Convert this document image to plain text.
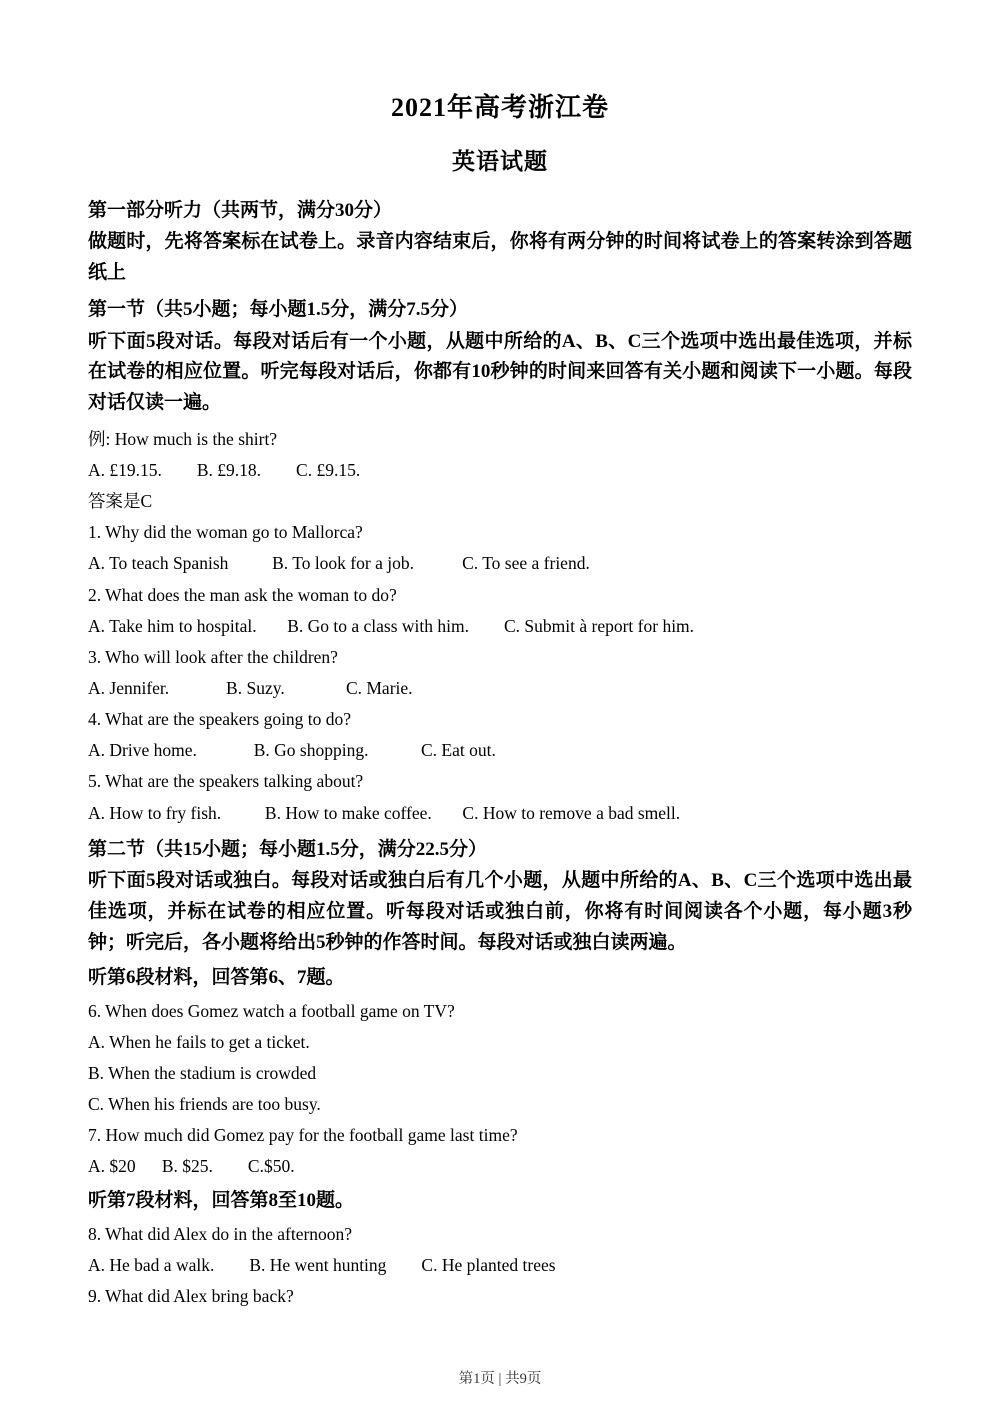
2021年高考浙江卷
英语试题

第一部分听力（共两节，满分30分）

做题时，先将答案标在试卷上。录音内容结束后，你将有两分钟的时间将试卷上的答案转涂到答题纸上

第一节（共5小题；每小题1.5分，满分7.5分）

听下面5段对话。每段对话后有一个小题，从题中所给的A、B、C三个选项中选出最佳选项，并标在试卷的相应位置。听完每段对话后，你都有10秒钟的时间来回答有关小题和阅读下一小题。每段对话仅读一遍。

例: How much is the shirt?

A. £19.15.        B. £9.18.        C. £9.15.

答案是C

1. Why did the woman go to Mallorca?

A. To teach Spanish          B. To look for a job.           C. To see a friend.

2. What does the man ask the woman to do?

A. Take him to hospital.       B. Go to a class with him.        C. Submit à report for him.

3. Who will look after the children?

A. Jennifer.             B. Suzy.              C. Marie.

4. What are the speakers going to do?

A. Drive home.             B. Go shopping.            C. Eat out.

5. What are the speakers talking about?

A. How to fry fish.          B. How to make coffee.       C. How to remove a bad smell.

第二节（共15小题；每小题1.5分，满分22.5分）

听下面5段对话或独白。每段对话或独白后有几个小题，从题中所给的A、B、C三个选项中选出最佳选项，并标在试卷的相应位置。听每段对话或独白前，你将有时间阅读各个小题，每小题3秒钟；听完后，各小题将给出5秒钟的作答时间。每段对话或独白读两遍。

听第6段材料，回答第6、7题。

6. When does Gomez watch a football game on TV?

A. When he fails to get a ticket.

B. When the stadium is crowded

C. When his friends are too busy.

7. How much did Gomez pay for the football game last time?

A. $20      B. $25.        C.$50.

听第7段材料，回答第8至10题。

8. What did Alex do in the afternoon?

A. He bad a walk.        B. He went hunting        C. He planted trees

9. What did Alex bring back?

第1页 | 共9页
